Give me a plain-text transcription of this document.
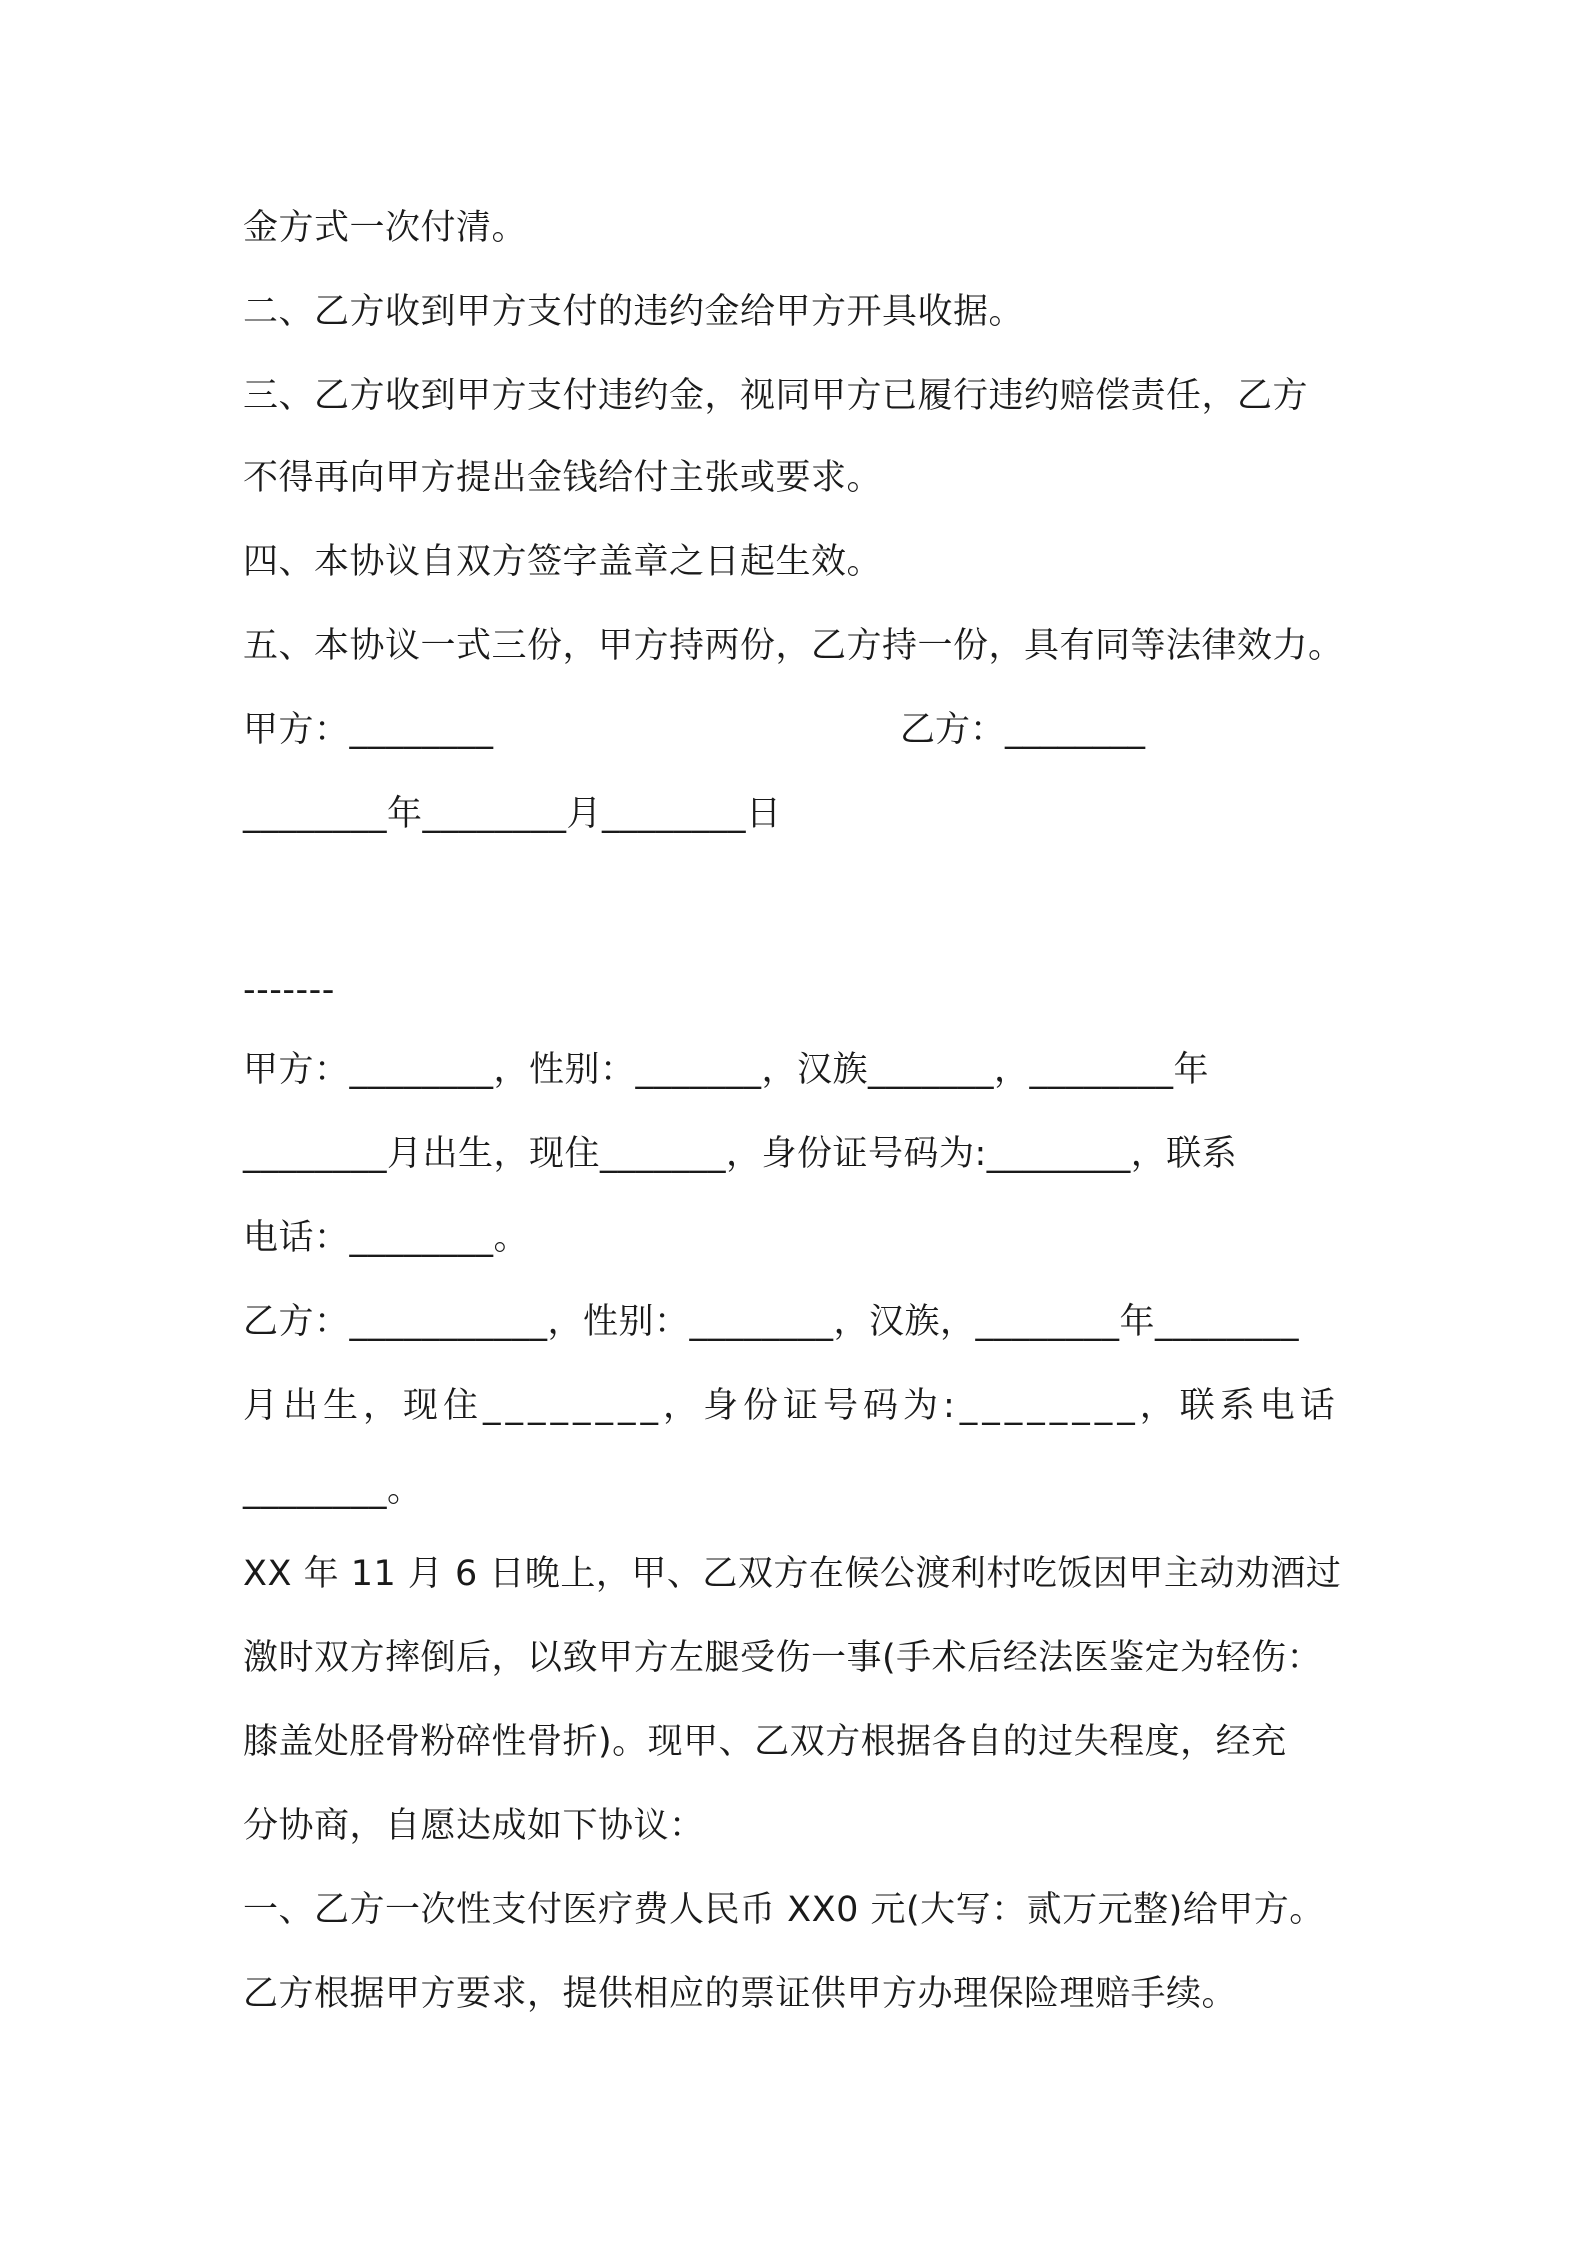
金方式一次付清。
二、乙方收到甲方支付的违约金给甲方开具收据。
三、乙方收到甲方支付违约金，视同甲方已履行违约赔偿责任，乙方
不得再向甲方提出金钱给付主张或要求。
四、本协议自双方签字盖章之日起生效。
五、本协议一式三份，甲方持两份，乙方持一份，具有同等法律效力。
甲方：________	乙方：________
________年________月________日
-------
甲方：________，性别：_______，汉族_______，________年
________月出生，现住_______，身份证号码为:________，联系
电话：________。
乙方：___________，性别：________，汉族，________年________
月出生，现住________，身份证号码为:________，联系电话
________。
XX 年 11 月 6 日晚上，甲、乙双方在候公渡利村吃饭因甲主动劝酒过
激时双方摔倒后，以致甲方左腿受伤一事(手术后经法医鉴定为轻伤：
膝盖处胫骨粉碎性骨折)。现甲、乙双方根据各自的过失程度，经充
分协商，自愿达成如下协议：
一、乙方一次性支付医疗费人民币 XX0 元(大写：贰万元整)给甲方。
乙方根据甲方要求，提供相应的票证供甲方办理保险理赔手续。
